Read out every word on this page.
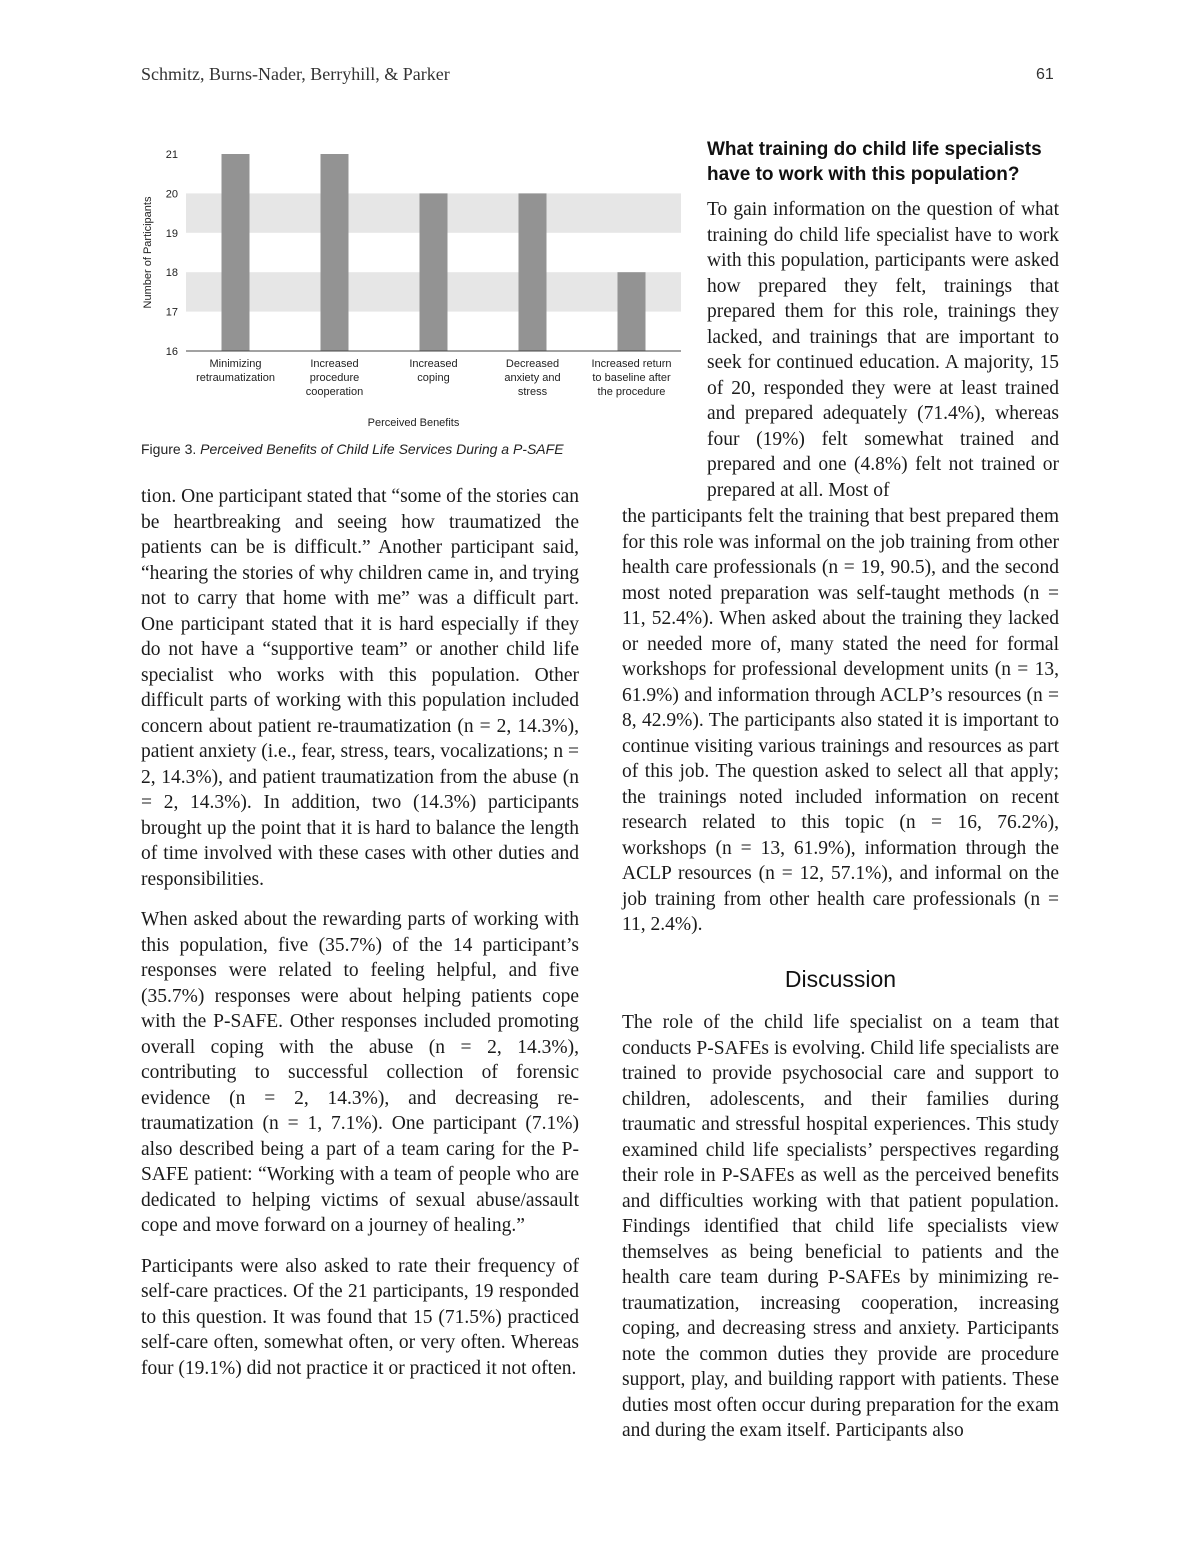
Schmitz, Burns-Nader, Berryhill, & Parker	61
16
17
18
19
20
21
Minimizing retraumatization
Increased procedure cooperation
Increased coping
Decreased anxiety and stress
Increased return to baseline after the procedure
Number of Participants
Perceived Benefits
Figure 3. Perceived Benefits of Child Life Services During a P-SAFE

tion. One participant stated that “some of the stories can be heartbreaking and seeing how traumatized the patients can be is difficult.” Another participant said, “hearing the stories of why children came in, and trying not to carry that home with me” was a difficult part. One participant stated that it is hard especially if they do not have a “supportive team” or another child life specialist who works with this population. Other difficult parts of working with this population included concern about patient re-traumatization (n = 2, 14.3%), patient anxiety (i.e., fear, stress, tears, vocalizations; n = 2, 14.3%), and patient traumatization from the abuse (n = 2, 14.3%). In addition, two (14.3%) participants brought up the point that it is hard to balance the length of time involved with these cases with other duties and responsibilities.

When asked about the rewarding parts of working with this population, five (35.7%) of the 14 participant’s responses were related to feeling helpful, and five (35.7%) responses were about helping patients cope with the P-SAFE. Other responses included promoting overall coping with the abuse (n = 2, 14.3%), contributing to successful collection of forensic evidence (n = 2, 14.3%), and decreasing re-traumatization (n = 1, 7.1%). One participant (7.1%) also described being a part of a team caring for the P-SAFE patient: “Working with a team of people who are dedicated to helping victims of sexual abuse/assault cope and move forward on a journey of healing.”

Participants were also asked to rate their frequency of self-care practices. Of the 21 participants, 19 responded to this question. It was found that 15 (71.5%) practiced self-care often, somewhat often, or very often. Whereas four (19.1%) did not practice it or practiced it not often.

What training do child life specialists have to work with this population?

To gain information on the question of what training do child life specialist have to work with this population, participants were asked how prepared they felt, trainings that prepared them for this role, trainings they lacked, and trainings that are important to seek for continued education. A majority, 15 of 20, responded they were at least trained and prepared adequately (71.4%), whereas four (19%) felt somewhat trained and prepared and one (4.8%) felt not trained or prepared at all. Most of

the participants felt the training that best prepared them for this role was informal on the job training from other health care professionals (n = 19, 90.5), and the second most noted preparation was self-taught methods (n = 11, 52.4%). When asked about the training they lacked or needed more of, many stated the need for formal workshops for professional development units (n = 13, 61.9%) and information through ACLP’s resources (n = 8, 42.9%). The participants also stated it is important to continue visiting various trainings and resources as part of this job. The question asked to select all that apply; the trainings noted included information on recent research related to this topic (n = 16, 76.2%), workshops (n = 13, 61.9%), information through the ACLP resources (n = 12, 57.1%), and informal on the job training from other health care professionals (n = 11, 2.4%).

Discussion

The role of the child life specialist on a team that conducts P-SAFEs is evolving. Child life specialists are trained to provide psychosocial care and support to children, adolescents, and their families during traumatic and stressful hospital experiences. This study examined child life specialists’ perspectives regarding their role in P-SAFEs as well as the perceived benefits and difficulties working with that patient population. Findings identified that child life specialists view themselves as being beneficial to patients and the health care team during P-SAFEs by minimizing re-traumatization, increasing cooperation, increasing coping, and decreasing stress and anxiety. Participants note the common duties they provide are procedure support, play, and building rapport with patients. These duties most often occur during preparation for the exam and during the exam itself. Participants also
